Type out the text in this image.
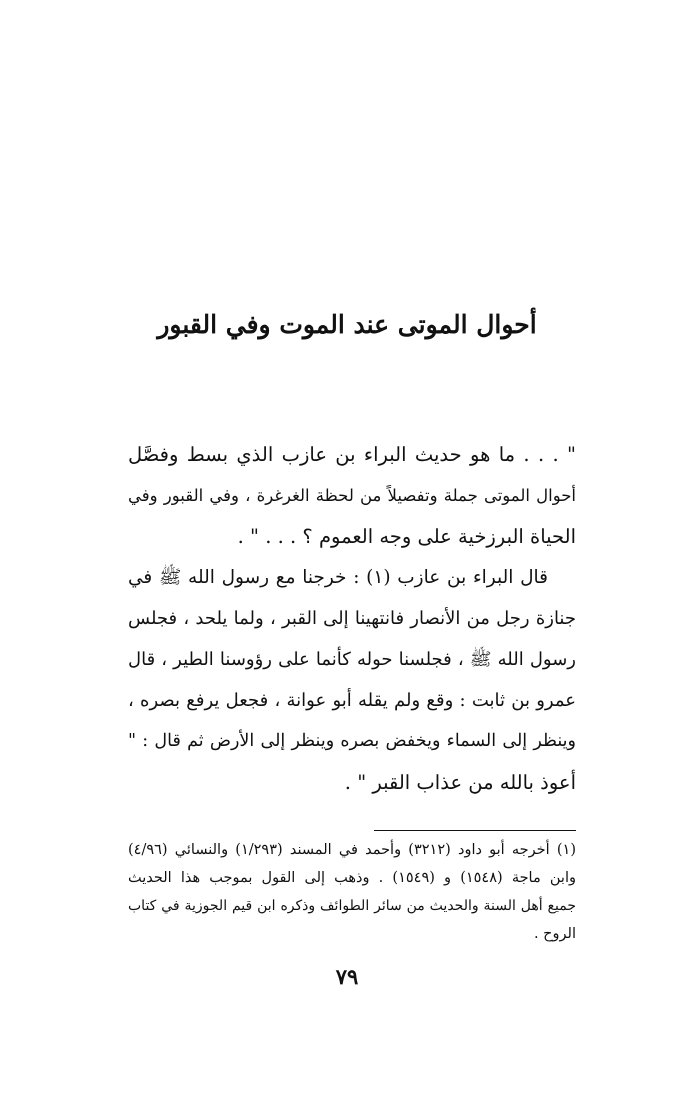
أحوال الموتى عند الموت وفي القبور
" . . . ما هو حديث البراء بن عازب الذي بسط وفصَّل
أحوال الموتى جملة وتفصيلاً من لحظة الغرغرة ، وفي القبور وفي
الحياة البرزخية على وجه العموم ؟ . . . " .
قال البراء بن عازب (١) : خرجنا مع رسول الله ﷺ في
جنازة رجل من الأنصار فانتهينا إلى القبر ، ولما يلحد ، فجلس
رسول الله ﷺ ، فجلسنا حوله كأنما على رؤوسنا الطير ، قال
عمرو بن ثابت : وقع ولم يقله أبو عوانة ، فجعل يرفع بصره ،
وينظر إلى السماء ويخفض بصره وينظر إلى الأرض ثم قال : "
أعوذ بالله من عذاب القبر " .
(١) أخرجه أبو داود (٣٢١٢) وأحمد في المسند (١/٢٩٣) والنسائي (٤/٩٦)
وابن ماجة (١٥٤٨) و (١٥٤٩) . وذهب إلى القول بموجب هذا الحديث
جميع أهل السنة والحديث من سائر الطوائف وذكره ابن قيم الجوزية في كتاب
الروح .
٧٩
